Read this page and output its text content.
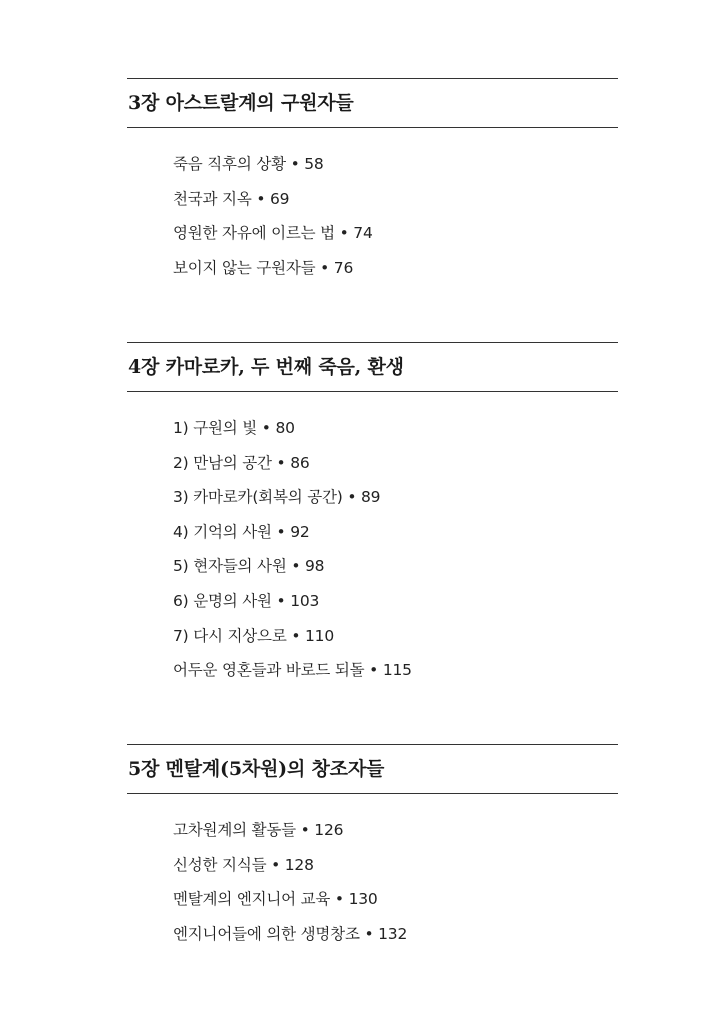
3장 아스트랄계의 구원자들
죽음 직후의 상황 • 58
천국과 지옥 • 69
영원한 자유에 이르는 법 • 74
보이지 않는 구원자들 • 76
4장 카마로카, 두 번째 죽음, 환생
1) 구원의 빛 • 80
2) 만남의 공간 • 86
3) 카마로카(회복의 공간) • 89
4) 기억의 사원 • 92
5) 현자들의 사원 • 98
6) 운명의 사원 • 103
7) 다시 지상으로 • 110
어두운 영혼들과 바로드 되돌 • 115
5장 멘탈계(5차원)의 창조자들
고차원계의 활동들 • 126
신성한 지식들 • 128
멘탈계의 엔지니어 교육 • 130
엔지니어들에 의한 생명창조 • 132
